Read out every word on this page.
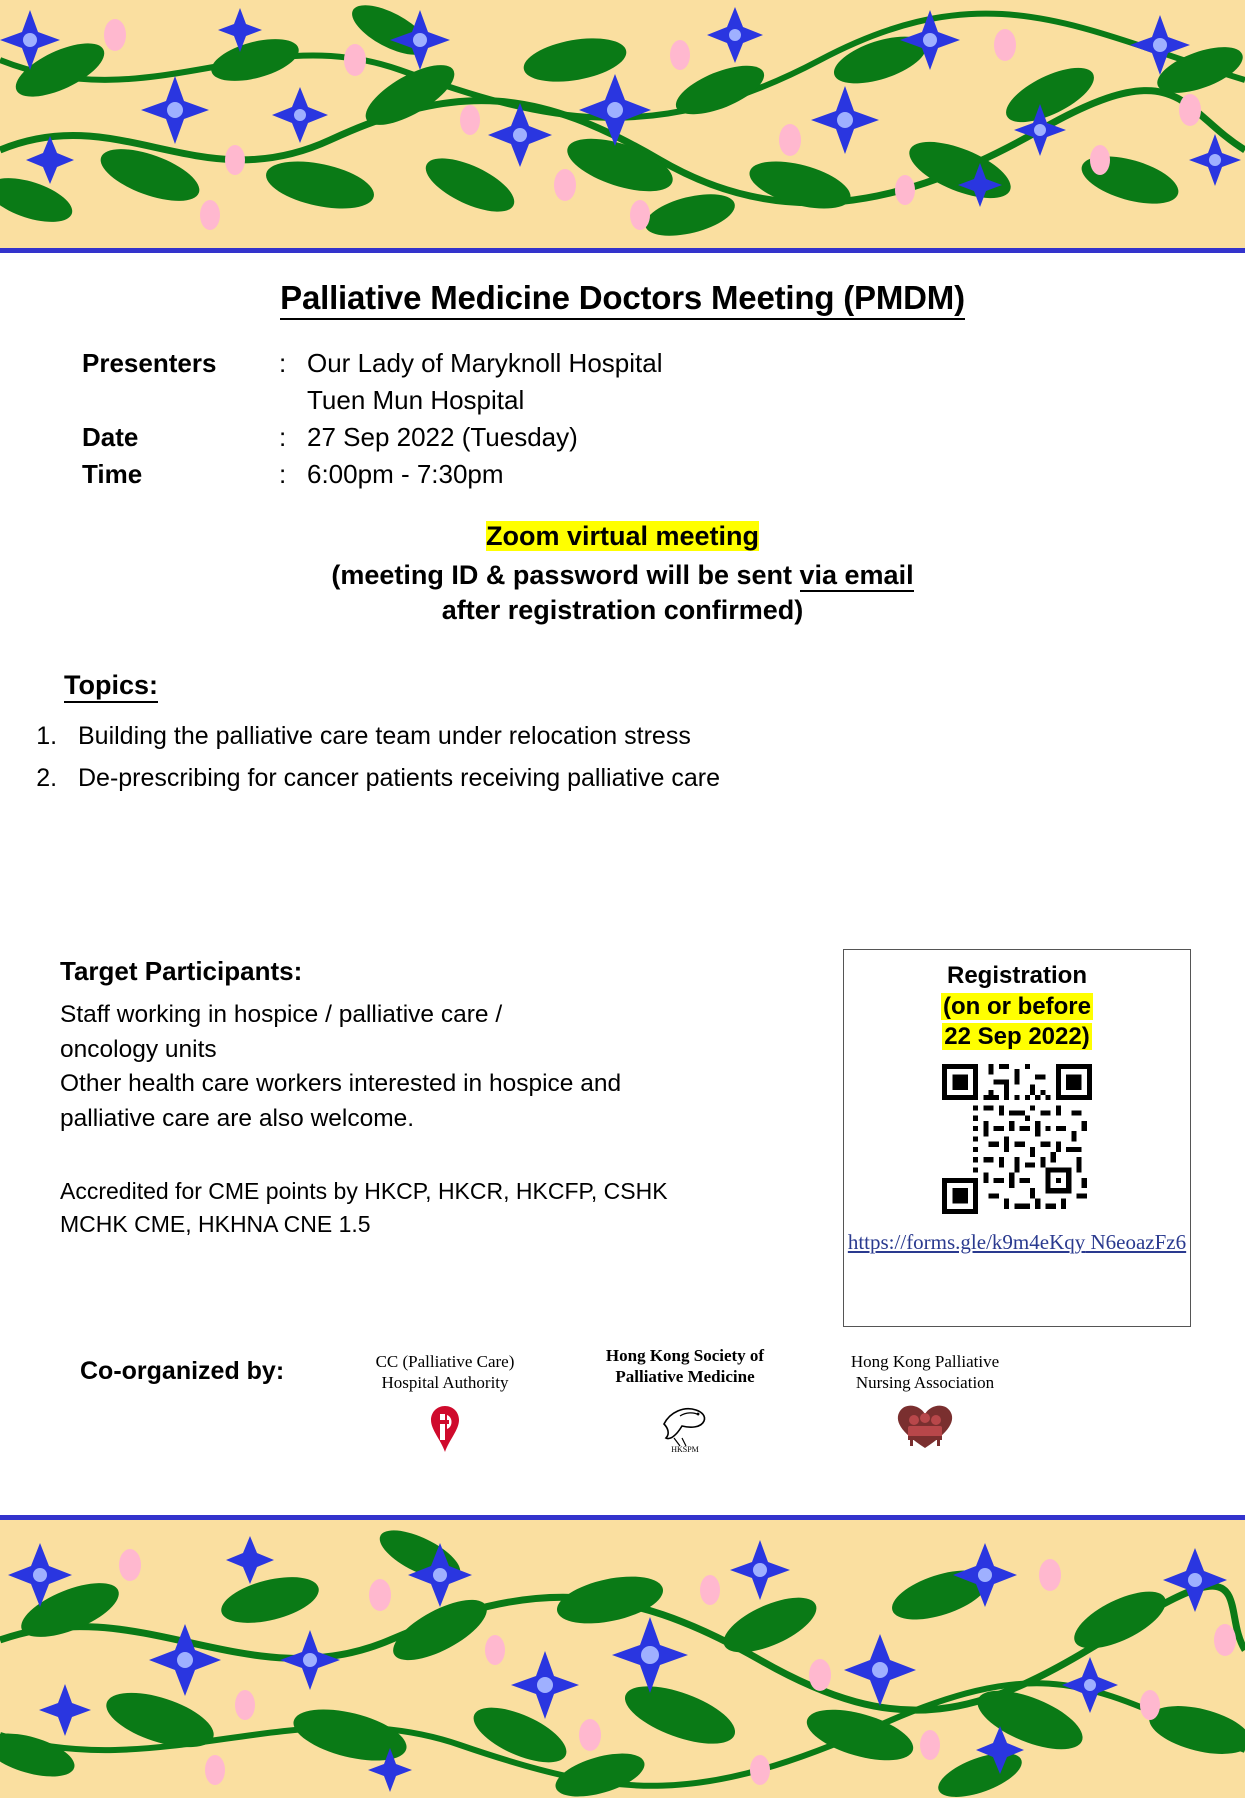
Palliative Medicine Doctors Meeting (PMDM)
Presenters	: Our Lady of Maryknoll Hospital
Tuen Mun Hospital
Date	: 27 Sep 2022 (Tuesday)
Time	: 6:00pm - 7:30pm
Zoom virtual meeting
(meeting ID & password will be sent via email
after registration confirmed)
Topics:
1. Building the palliative care team under relocation stress
2. De-prescribing for cancer patients receiving palliative care
Target Participants:
Staff working in hospice / palliative care /
oncology units
Other health care workers interested in hospice and
palliative care are also welcome.
Accredited for CME points by HKCP, HKCR, HKCFP, CSHK
MCHK CME, HKHNA CNE 1.5
Registration
(on or before
22 Sep 2022)
https://forms.gle/k9m4eKqy N6eoazFz6
Co-organized by:	CC (Palliative Care)
Hospital Authority
Hong Kong Society of
Palliative Medicine
HKSPM
Hong Kong Palliative
Nursing Association
